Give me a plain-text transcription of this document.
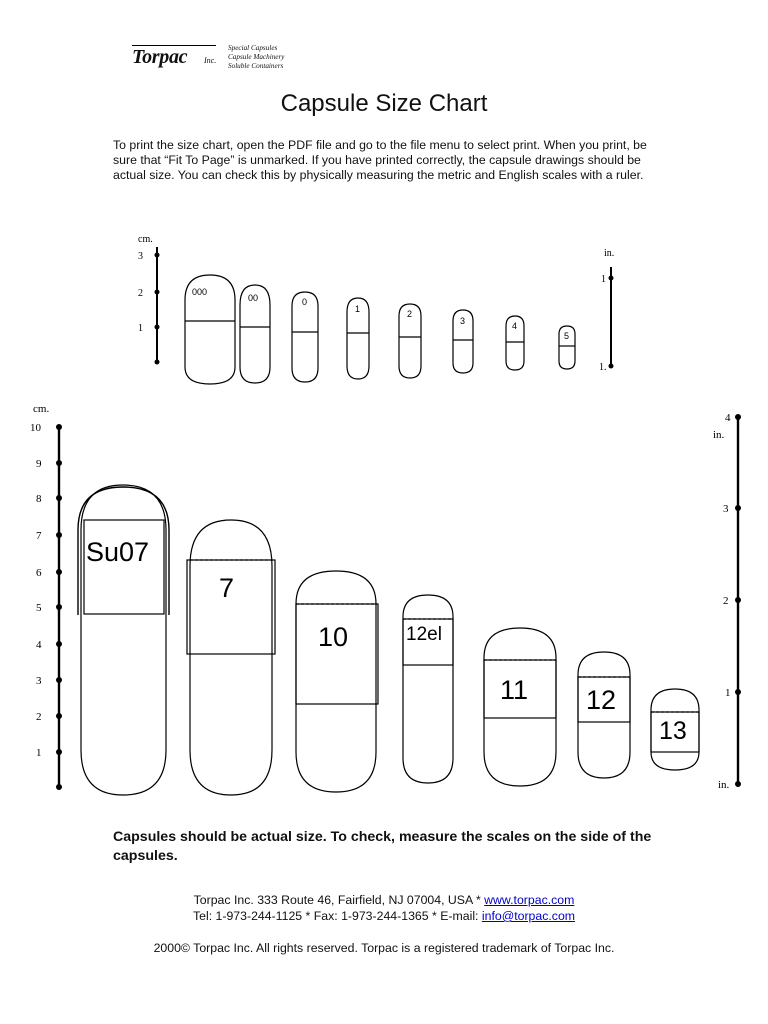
Torpac Inc.
Special Capsules
Capsule Machinery
Soluble Containers
Capsule Size Chart

To print the size chart, open the PDF file and go to the file menu to select print. When you print, be sure that “Fit To Page” is unmarked. If you have printed correctly, the capsule drawings should be actual size. You can check this by physically measuring the metric and English scales with a ruler.

cm.
3
2
1
in.
1
1.
000
00	0
1	2
3	4
5
cm.
10
9
8
7
6
5
4
3
2
1
in.
4
3
2
1
in.
Su07
7
10	12el
11 12
13

Capsules should be actual size. To check, measure the scales on the side of the capsules.

Torpac Inc. 333 Route 46, Fairfield, NJ 07004, USA * www.torpac.com
Tel: 1-973-244-1125 * Fax: 1-973-244-1365 * E-mail: info@torpac.com
2000© Torpac Inc. All rights reserved. Torpac is a registered trademark of Torpac Inc.
